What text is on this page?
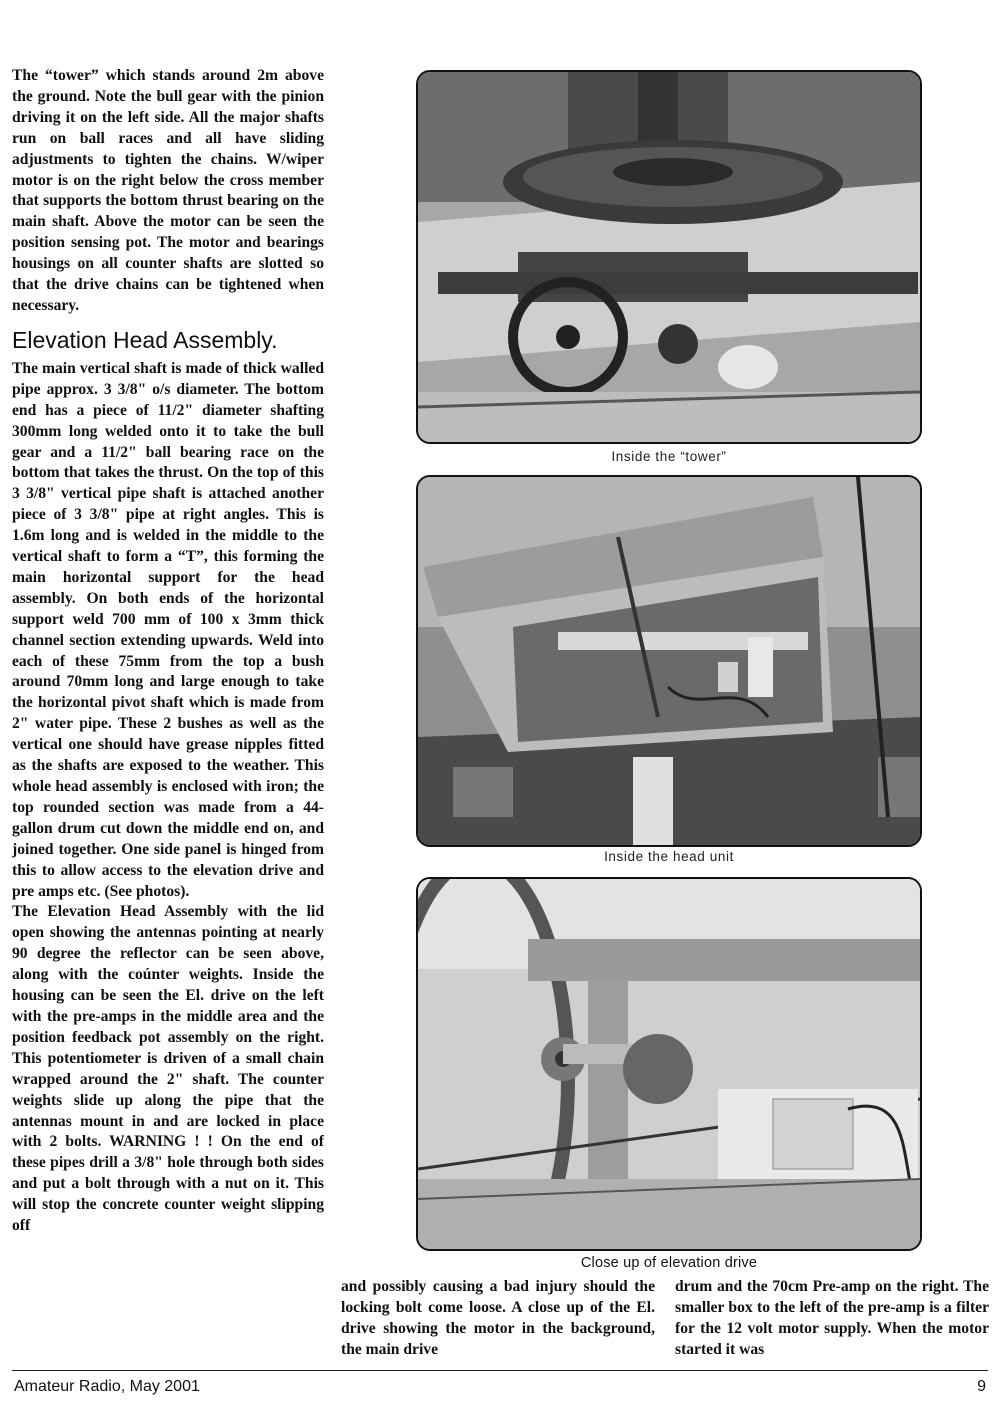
The “tower” which stands around 2m above the ground. Note the bull gear with the pinion driving it on the left side. All the major shafts run on ball races and all have sliding adjustments to tighten the chains. W/wiper motor is on the right below the cross member that supports the bottom thrust bearing on the main shaft. Above the motor can be seen the position sensing pot. The motor and bearings housings on all counter shafts are slotted so that the drive chains can be tightened when necessary.

Elevation Head Assembly.

The main vertical shaft is made of thick walled pipe approx. 3 3/8" o/s diameter. The bottom end has a piece of 11/2" diameter shafting 300mm long welded onto it to take the bull gear and a 11/2" ball bearing race on the bottom that takes the thrust. On the top of this 3 3/8" vertical pipe shaft is attached another piece of 3 3/8" pipe at right angles. This is 1.6m long and is welded in the middle to the vertical shaft to form a “T”, this forming the main horizontal support for the head assembly. On both ends of the horizontal support weld 700 mm of 100 x 3mm thick channel section extending upwards. Weld into each of these 75mm from the top a bush around 70mm long and large enough to take the horizontal pivot shaft which is made from 2" water pipe. These 2 bushes as well as the vertical one should have grease nipples fitted as the shafts are exposed to the weather. This whole head assembly is enclosed with iron; the top rounded section was made from a 44-gallon drum cut down the middle end on, and joined together. One side panel is hinged from this to allow access to the elevation drive and pre amps etc. (See photos).

The Elevation Head Assembly with the lid open showing the antennas pointing at nearly 90 degree the reflector can be seen above, along with the coúnter weights. Inside the housing can be seen the El. drive on the left with the pre-amps in the middle area and the position feedback pot assembly on the right. This potentiometer is driven of a small chain wrapped around the 2" shaft. The counter weights slide up along the pipe that the antennas mount in and are locked in place with 2 bolts. WARNING ! ! On the end of these pipes drill a 3/8" hole through both sides and put a bolt through with a nut on it. This will stop the concrete counter weight slipping off

Inside the “tower”
Inside the head unit
Close up of elevation drive

and possibly causing a bad injury should the locking bolt come loose. A close up of the El. drive showing the motor in the background, the main drive

drum and the 70cm Pre-amp on the right. The smaller box to the left of the pre-amp is a filter for the 12 volt motor supply. When the motor started it was

Amateur Radio, May 2001	9
